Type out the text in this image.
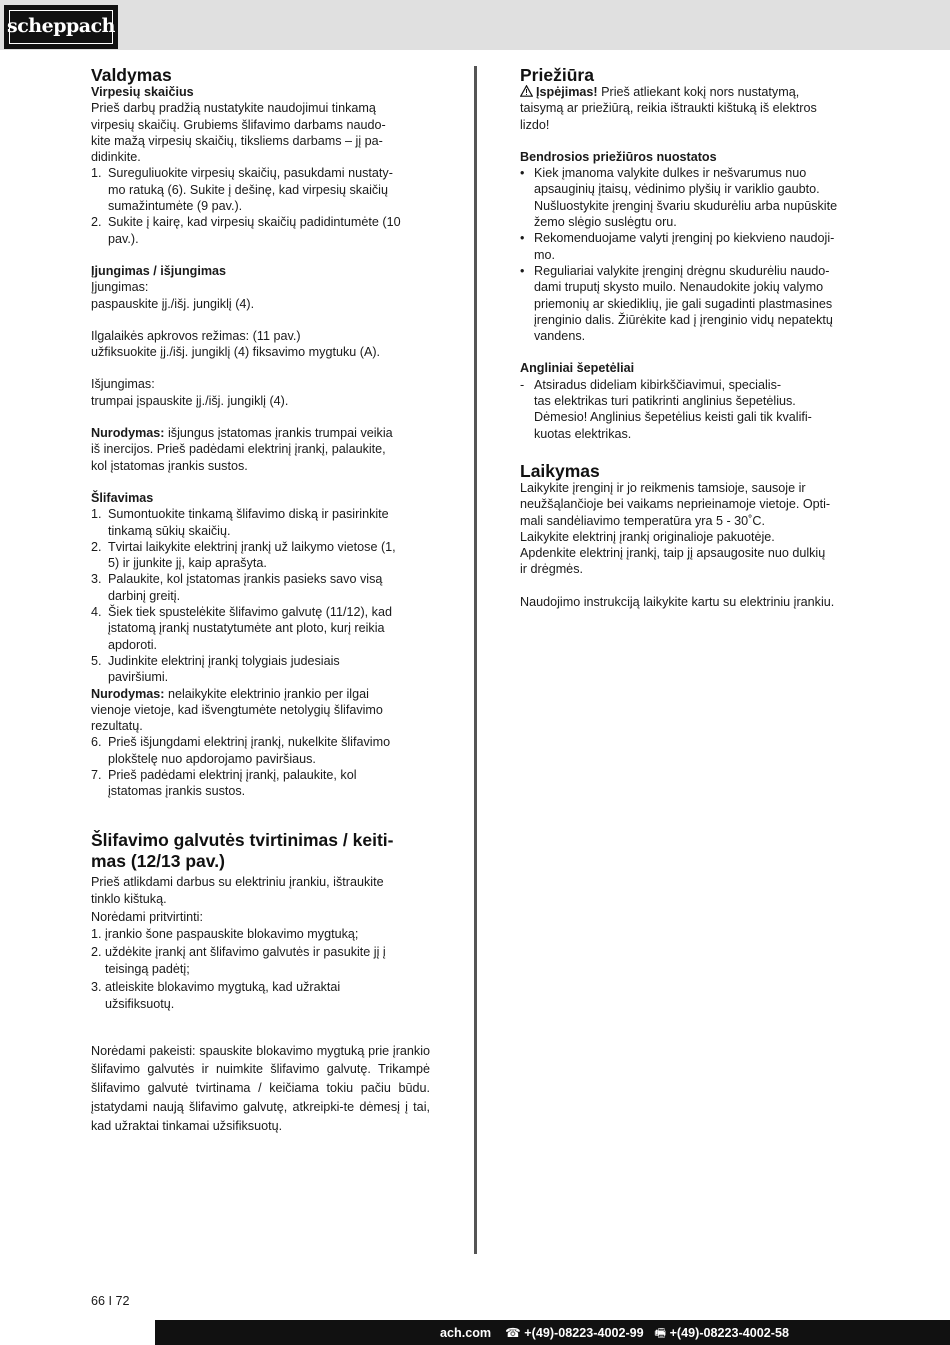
scheppach
Valdymas
Virpesių skaičius

Prieš darbų pradžią nustatykite naudojimui tinkamą
virpesių skaičių. Grubiems šlifavimo darbams naudo-
kite mažą virpesių skaičių, tiksliems darbams – jį pa-
didinkite.

1. Sureguliuokite virpesių skaičių, pasukdami nustaty-
mo ratuką (6). Sukite į dešinę, kad virpesių skaičių
sumažintumėte (9 pav.).
2. Sukite į kairę, kad virpesių skaičių padidintumėte (10
pav.).
Įjungimas / išjungimas

Įjungimas:
paspauskite įj./išj. jungiklį (4).

Ilgalaikės apkrovos režimas: (11 pav.)
užfiksuokite įj./išj. jungiklį (4) fiksavimo mygtuku (A).

Išjungimas:
trumpai įspauskite įj./išj. jungiklį (4).

Nurodymas: išjungus įstatomas įrankis trumpai veikia
iš inercijos. Prieš padėdami elektrinį įrankį, palaukite,
kol įstatomas įrankis sustos.

Šlifavimas
1. Sumontuokite tinkamą šlifavimo diską ir pasirinkite
tinkamą sūkių skaičių.
2. Tvirtai laikykite elektrinį įrankį už laikymo vietose (1,
5) ir įjunkite jį, kaip aprašyta.
3. Palaukite, kol įstatomas įrankis pasieks savo visą
darbinį greitį.
4. Šiek tiek spustelėkite šlifavimo galvutę (11/12), kad
įstatomą įrankį nustatytumėte ant ploto, kurį reikia
apdoroti.
5. Judinkite elektrinį įrankį tolygiais judesiais
paviršiumi.

Nurodymas: nelaikykite elektrinio įrankio per ilgai
vienoje vietoje, kad išvengtumėte netolygių šlifavimo
rezultatų.

6. Prieš išjungdami elektrinį įrankį, nukelkite šlifavimo
plokštelę nuo apdorojamo paviršiaus.
7. Prieš padėdami elektrinį įrankį, palaukite, kol
įstatomas įrankis sustos.
Šlifavimo galvutės tvirtinimas / keiti-
mas (12/13 pav.)

Prieš atlikdami darbus su elektriniu įrankiu, ištraukite
tinklo kištuką.

Norėdami pritvirtinti:

1. įrankio šone paspauskite blokavimo mygtuką;
2. uždėkite įrankį ant šlifavimo galvutės ir pasukite jį į
teisingą padėtį;
3. atleiskite blokavimo mygtuką, kad užraktai
užsifiksuotų.

Norėdami pakeisti: spauskite blokavimo mygtuką prie įrankio šlifavimo galvutės ir nuimkite šlifavimo galvutę. Trikampė šlifavimo galvutė tvirtinama / keičiama tokiu pačiu būdu. įstatydami naują šlifavimo galvutę, atkreipki-te dėmesį į tai, kad užraktai tinkamai užsifiksuotų.

Priežiūra

Įspėjimas! Prieš atliekant kokį nors nustatymą,
taisymą ar priežiūrą, reikia ištraukti kištuką iš elektros
lizdo!

Bendrosios priežiūros nuostatos
• Kiek įmanoma valykite dulkes ir nešvarumus nuo
apsauginių įtaisų, vėdinimo plyšių ir variklio gaubto.
Nušluostykite įrenginį švariu skudurėliu arba nupūskite
žemo slėgio suslėgtu oru.
• Rekomenduojame valyti įrenginį po kiekvieno naudoji-
mo.
• Reguliariai valykite įrenginį drėgnu skudurėliu naudo-
dami truputį skysto muilo. Nenaudokite jokių valymo
priemonių ar skiediklių, jie gali sugadinti plastmasines
įrenginio dalis. Žiūrėkite kad į įrenginio vidų nepatektų
vandens.
Angliniai šepetėliai
- Atsiradus dideliam kibirkščiavimui, specialis-
tas elektrikas turi patikrinti anglinius šepetėlius.
Dėmesio! Anglinius šepetėlius keisti gali tik kvalifi-
kuotas elektrikas.
Laikymas

Laikykite įrenginį ir jo reikmenis tamsioje, sausoje ir
neužšąlančioje bei vaikams neprieinamoje vietoje. Opti-
mali sandėliavimo temperatūra yra 5 - 30˚C.
Laikykite elektrinį įrankį originalioje pakuotėje.
Apdenkite elektrinį įrankį, taip jį apsaugosite nuo dulkių
ir drėgmės.

Naudojimo instrukciją laikykite kartu su elektriniu įrankiu.

66 I 72
ach.com ☎ +(49)-08223-4002-99 🖷 +(49)-08223-4002-58
